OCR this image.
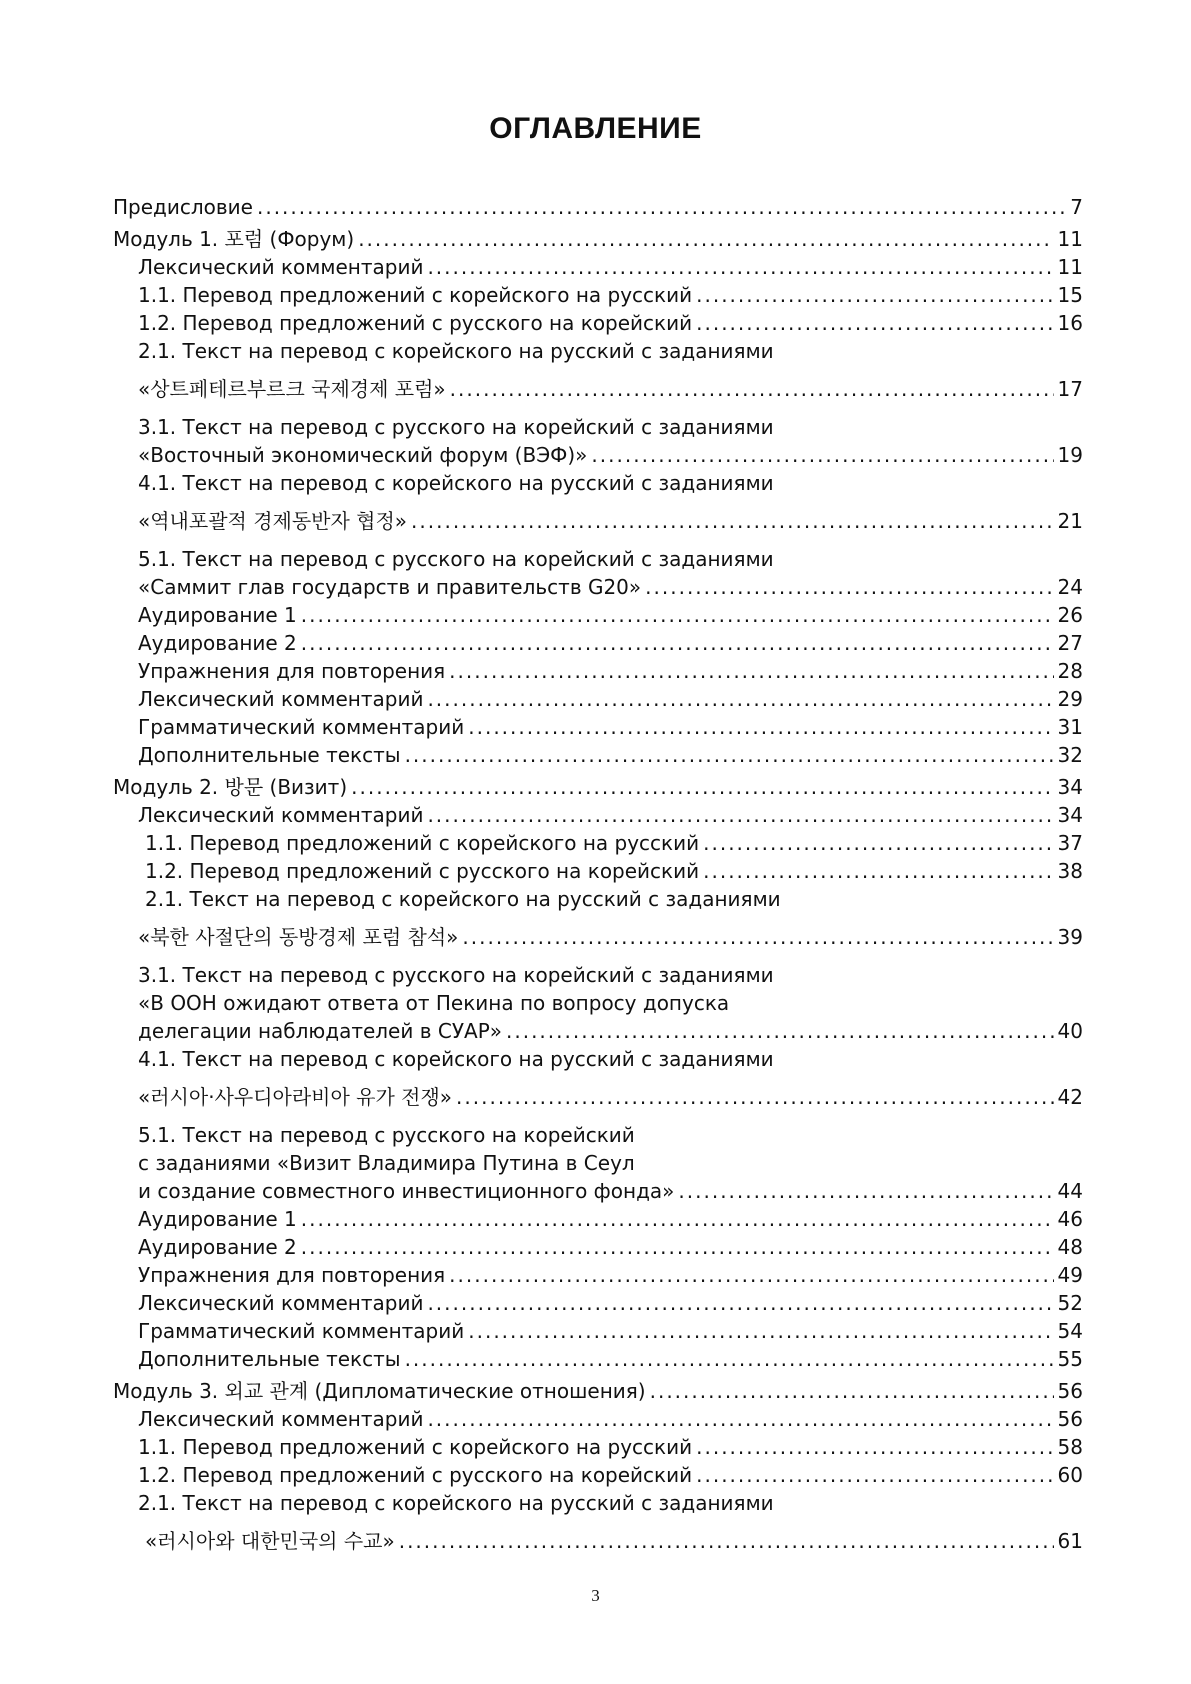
ОГЛАВЛЕНИЕ
Предисловие .....	7
Модуль 1. 포럼 (Форум) .....	11
Лексический комментарий .....	11
1.1. Перевод предложений с корейского на русский .....	15
1.2. Перевод предложений с русского на корейский .....	16
2.1. Текст на перевод с корейского на русский с заданиями
«상트페테르부르크 국제경제 포럼» .....	17
3.1. Текст на перевод с русского на корейский с заданиями
«Восточный экономический форум (ВЭФ)» .....	19
4.1. Текст на перевод с корейского на русский с заданиями
«역내포괄적 경제동반자 협정» .....	21
5.1. Текст на перевод с русского на корейский с заданиями
«Саммит глав государств и правительств G20» .....	24
Аудирование 1 .....	26
Аудирование 2 .....	27
Упражнения для повторения .....	28
Лексический комментарий .....	29
Грамматический комментарий .....	31
Дополнительные тексты .....	32
Модуль 2. 방문 (Визит) .....	34
Лексический комментарий .....	34
1.1. Перевод предложений с корейского на русский .....	37
1.2. Перевод предложений с русского на корейский .....	38
2.1. Текст на перевод с корейского на русский с заданиями
«북한 사절단의 동방경제 포럼 참석» .....	39
3.1. Текст на перевод с русского на корейский с заданиями
«В ООН ожидают ответа от Пекина по вопросу допуска
делегации наблюдателей в СУАР» .....	40
4.1. Текст на перевод с корейского на русский с заданиями
«러시아·사우디아라비아 유가 전쟁» .....	42
5.1. Текст на перевод с русского на корейский
с заданиями «Визит Владимира Путина в Сеул
и создание совместного инвестиционного фонда» .....	44
Аудирование 1 .....	46
Аудирование 2 .....	48
Упражнения для повторения .....	49
Лексический комментарий .....	52
Грамматический комментарий .....	54
Дополнительные тексты .....	55
Модуль 3. 외교 관계 (Дипломатические отношения) .....	56
Лексический комментарий .....	56
1.1. Перевод предложений с корейского на русский .....	58
1.2. Перевод предложений с русского на корейский .....	60
2.1. Текст на перевод с корейского на русский с заданиями
«러시아와 대한민국의 수교» .....	61
3
